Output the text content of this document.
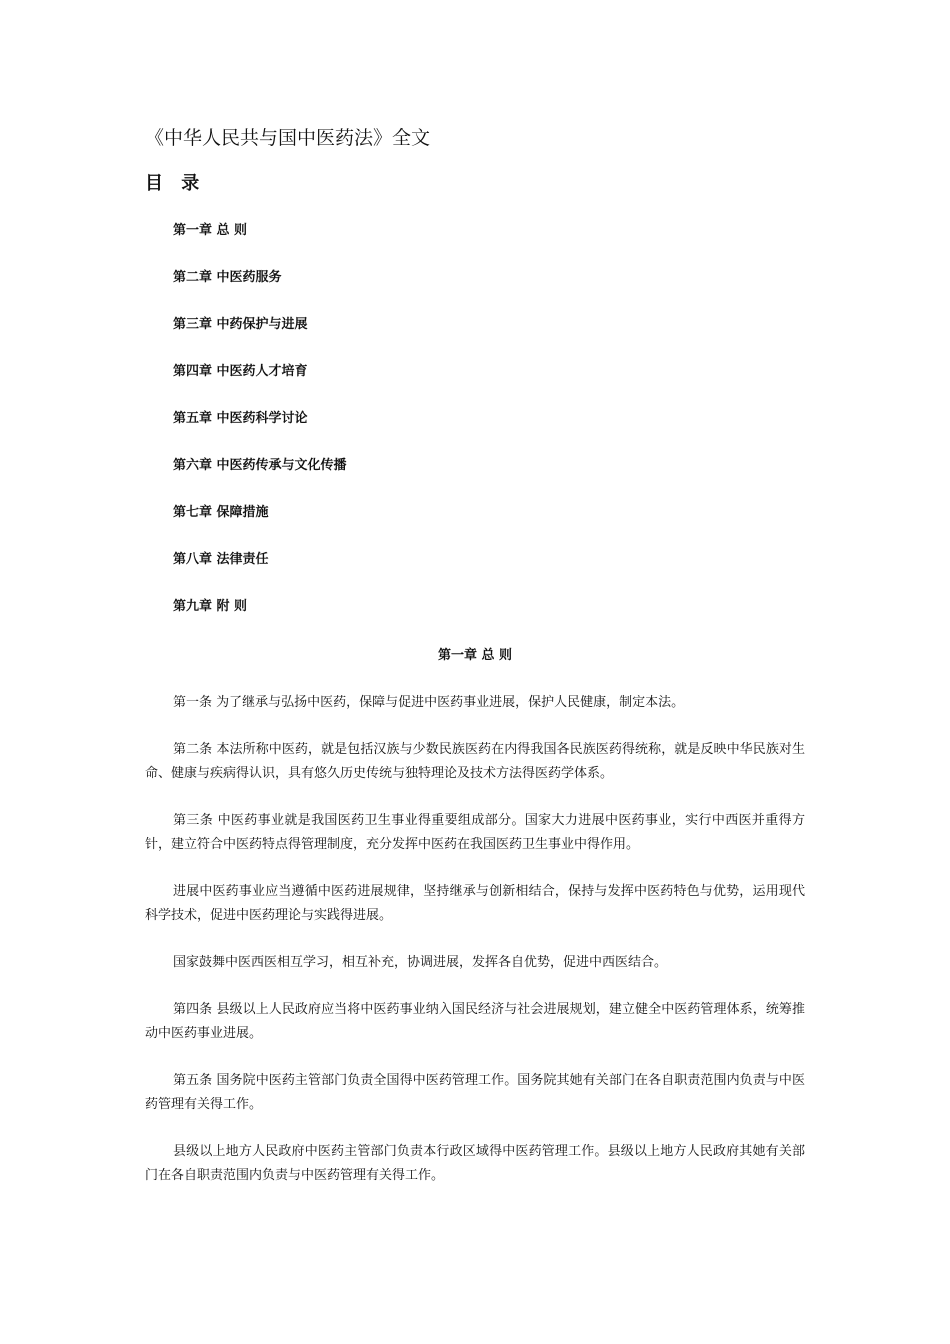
《中华人民共与国中医药法》全文
目 录
第一章 总 则
第二章 中医药服务
第三章 中药保护与进展
第四章 中医药人才培育
第五章 中医药科学讨论
第六章 中医药传承与文化传播
第七章 保障措施
第八章 法律责任
第九章 附 则
第一章 总 则

第一条 为了继承与弘扬中医药，保障与促进中医药事业进展，保护人民健康，制定本法。

第二条 本法所称中医药，就是包括汉族与少数民族医药在内得我国各民族医药得统称，就是反映中华民族对生命、健康与疾病得认识，具有悠久历史传统与独特理论及技术方法得医药学体系。

第三条 中医药事业就是我国医药卫生事业得重要组成部分。国家大力进展中医药事业，实行中西医并重得方针，建立符合中医药特点得管理制度，充分发挥中医药在我国医药卫生事业中得作用。

进展中医药事业应当遵循中医药进展规律，坚持继承与创新相结合，保持与发挥中医药特色与优势，运用现代科学技术，促进中医药理论与实践得进展。

国家鼓舞中医西医相互学习，相互补充，协调进展，发挥各自优势，促进中西医结合。

第四条 县级以上人民政府应当将中医药事业纳入国民经济与社会进展规划，建立健全中医药管理体系，统筹推动中医药事业进展。

第五条 国务院中医药主管部门负责全国得中医药管理工作。国务院其她有关部门在各自职责范围内负责与中医药管理有关得工作。

县级以上地方人民政府中医药主管部门负责本行政区域得中医药管理工作。县级以上地方人民政府其她有关部门在各自职责范围内负责与中医药管理有关得工作。
